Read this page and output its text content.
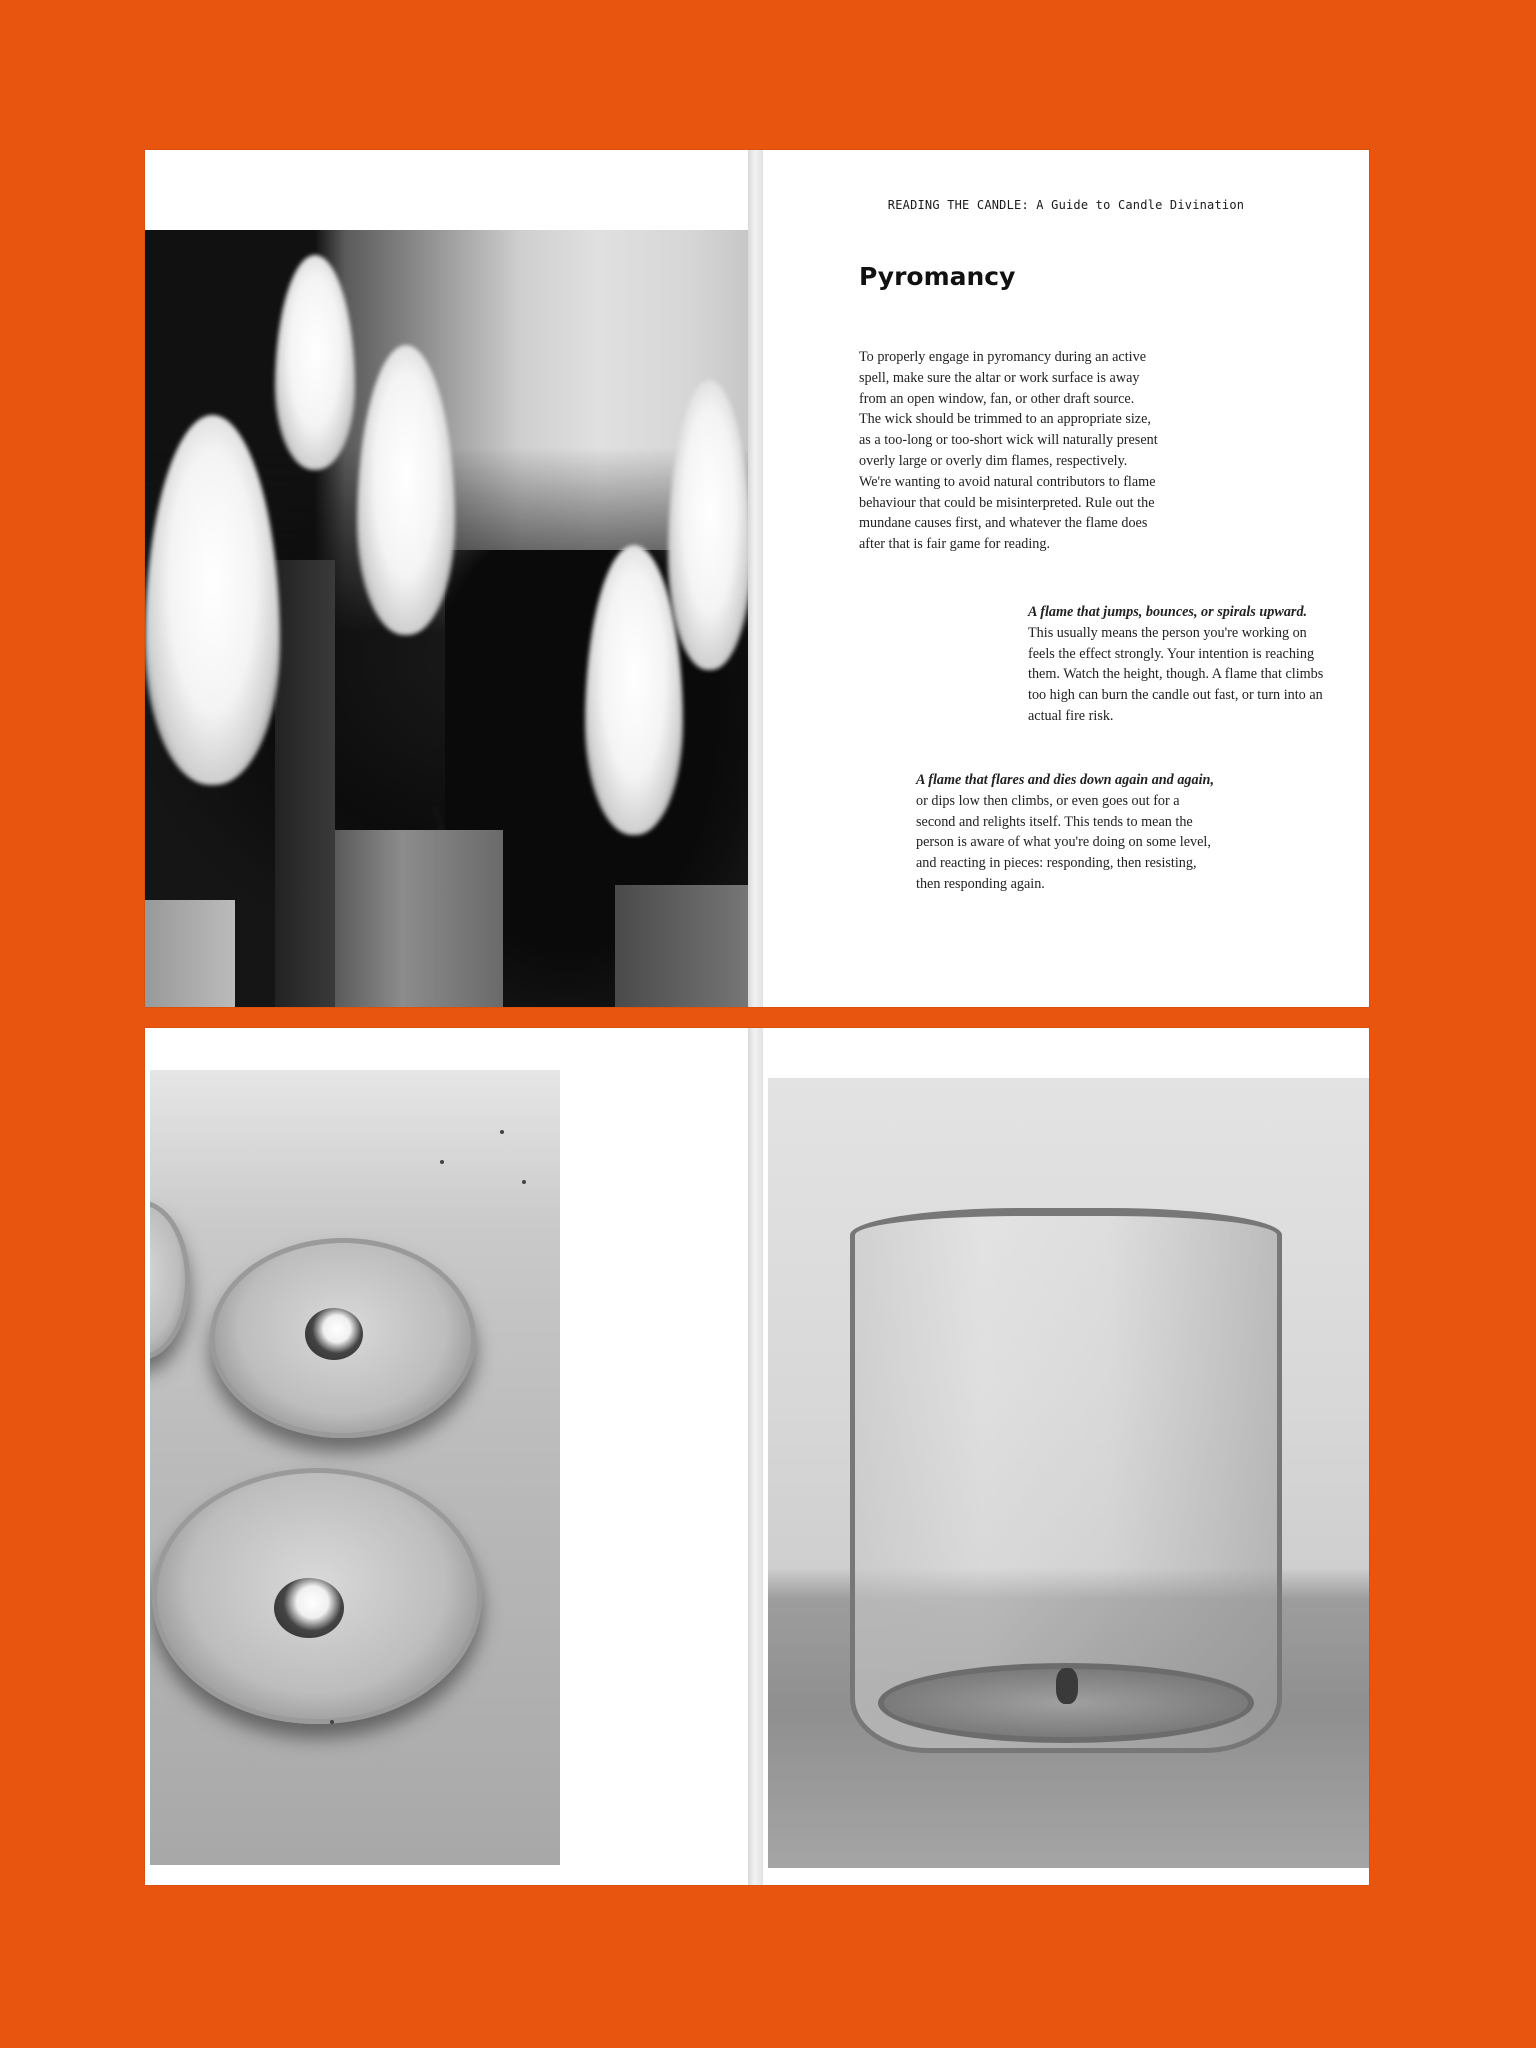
READING THE CANDLE: A Guide to Candle Divination
Pyromancy

To properly engage in pyromancy during an active spell, make sure the altar or work surface is away from an open window, fan, or other draft source. The wick should be trimmed to an appropriate size, as a too-long or too-short wick will naturally present overly large or overly dim flames, respectively. We're wanting to avoid natural contributors to flame behaviour that could be misinterpreted. Rule out the mundane causes first, and whatever the flame does after that is fair game for reading.

A flame that jumps, bounces, or spirals upward. This usually means the person you're working on feels the effect strongly. Your intention is reaching them. Watch the height, though. A flame that climbs too high can burn the candle out fast, or turn into an actual fire risk.

A flame that flares and dies down again and again, or dips low then climbs, or even goes out for a second and relights itself. This tends to mean the person is aware of what you're doing on some level, and reacting in pieces: responding, then resisting, then responding again.
